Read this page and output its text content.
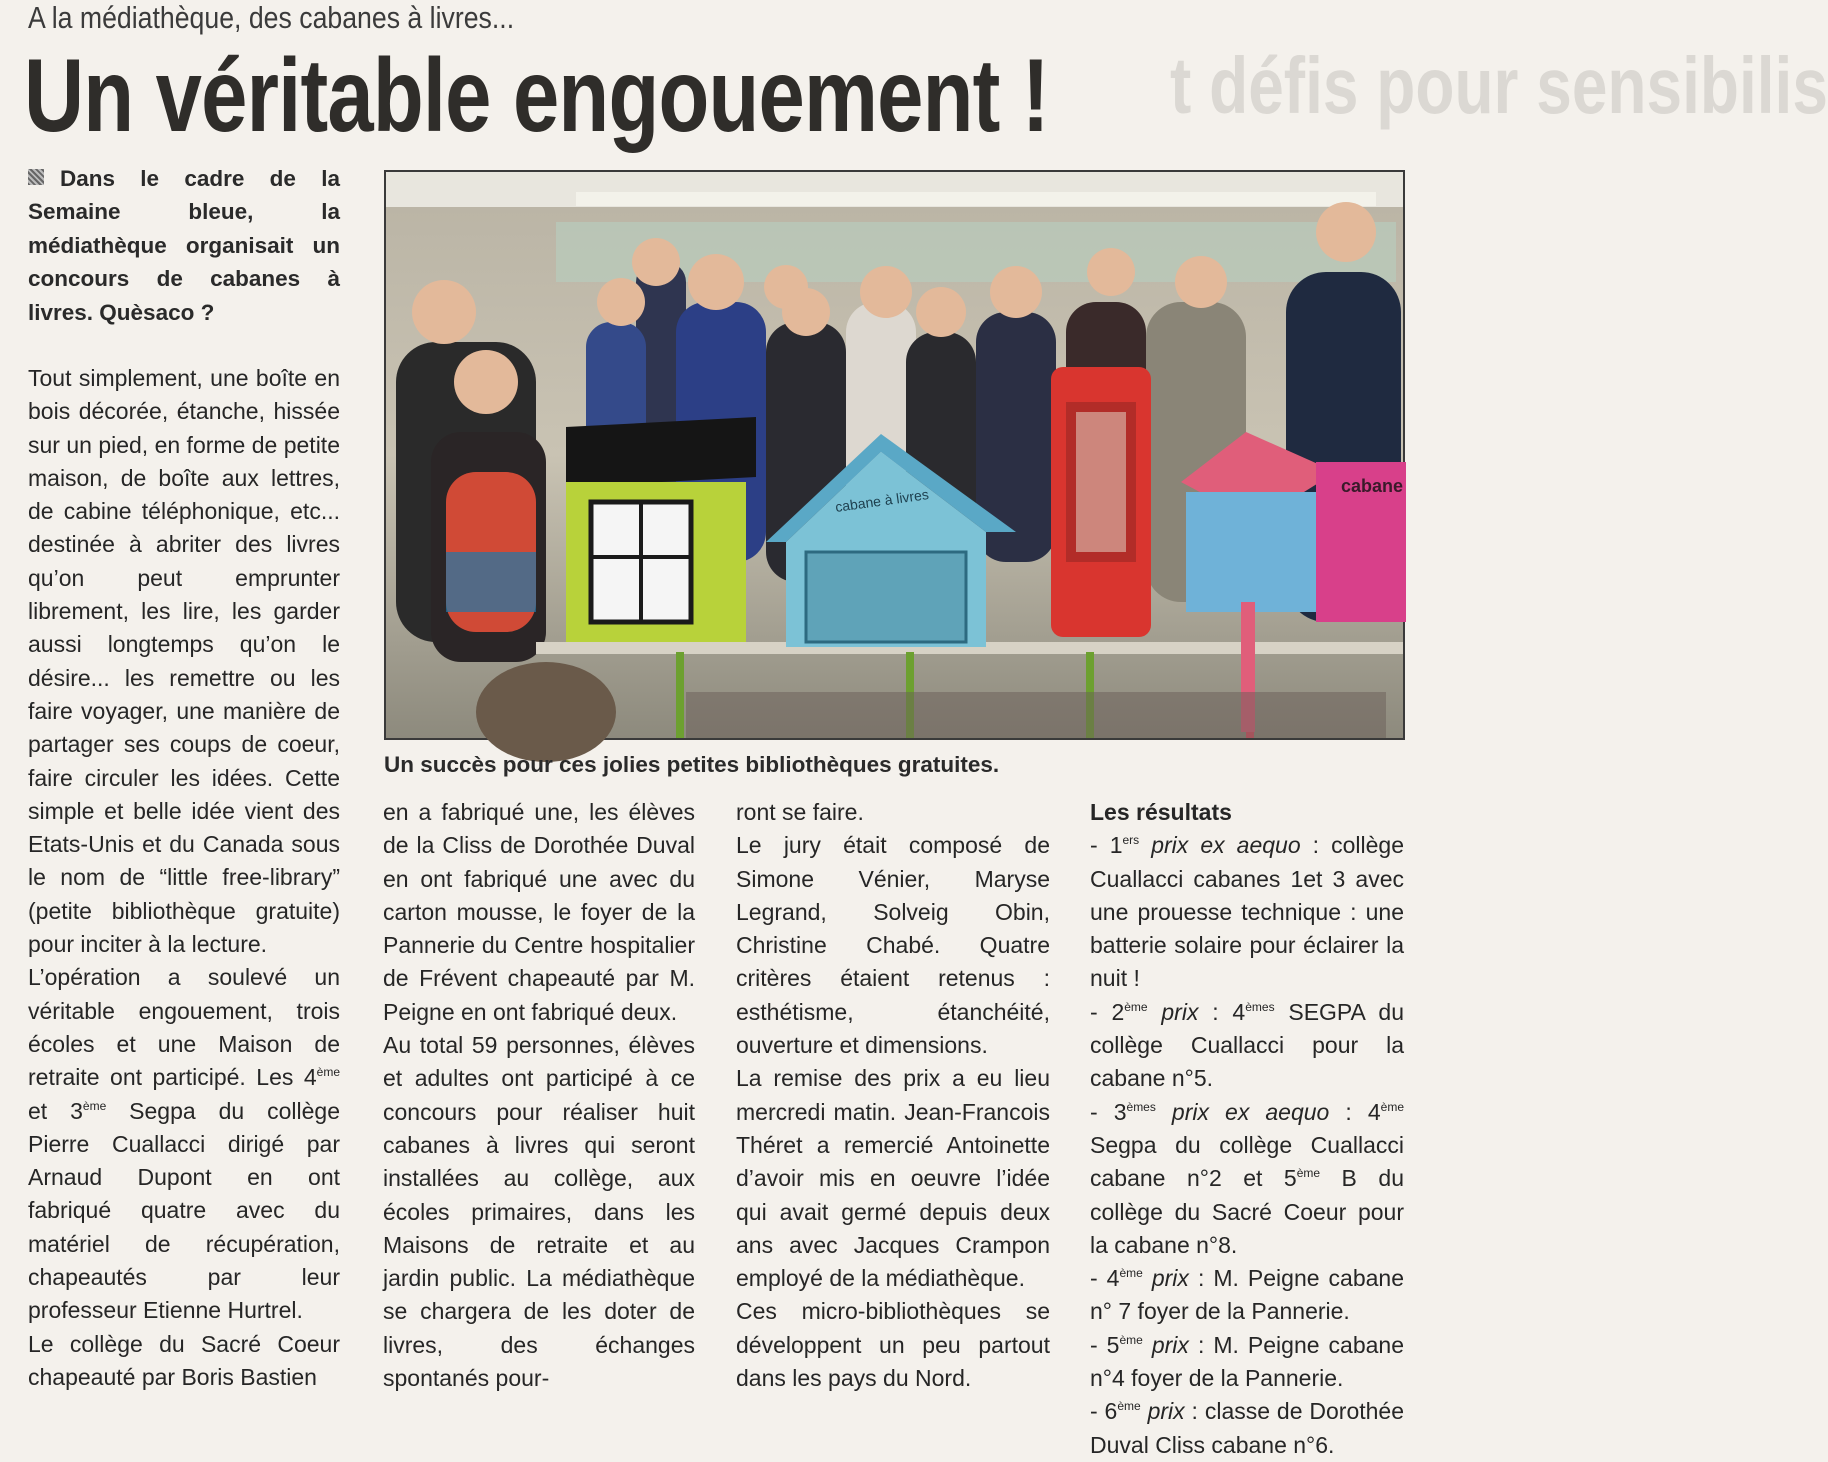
A la médiathèque, des cabanes à livres...
Un véritable engouement ! t défis pour sensibilis
Dans le cadre de la Semaine bleue, la médiathèque organisait un concours de cabanes à livres. Quèsaco ?
cabane à livres
cabane
Un succès pour ces jolies petites bibliothèques gratuites.

Tout simplement, une boîte en bois décorée, étanche, hissée sur un pied, en forme de petite maison, de boîte aux lettres, de cabine téléphonique, etc... destinée à abriter des livres qu’on peut emprunter librement, les lire, les garder aussi longtemps qu’on le désire... les remettre ou les faire voyager, une manière de partager ses coups de coeur, faire circuler les idées. Cette simple et belle idée vient des Etats-Unis et du Canada sous le nom de “little free-library” (petite bibliothèque gratuite) pour inciter à la lecture.

L’opération a soulevé un véritable engouement, trois écoles et une Maison de retraite ont participé. Les 4ème et 3ème Segpa du collège Pierre Cuallacci dirigé par Arnaud Dupont en ont fabriqué quatre avec du matériel de récupération, chapeautés par leur professeur Etienne Hurtrel.

Le collège du Sacré Coeur chapeauté par Boris Bastien

en a fabriqué une, les élèves de la Cliss de Dorothée Duval en ont fabriqué une avec du carton mousse, le foyer de la Pannerie du Centre hospitalier de Frévent chapeauté par M. Peigne en ont fabriqué deux.

Au total 59 personnes, élèves et adultes ont participé à ce concours pour réaliser huit cabanes à livres qui seront installées au collège, aux écoles primaires, dans les Maisons de retraite et au jardin public. La médiathèque se chargera de les doter de livres, des échanges spontanés pour-

ront se faire.

Le jury était composé de Simone Vénier, Maryse Legrand, Solveig Obin, Christine Chabé. Quatre critères étaient retenus : esthétisme, étanchéité, ouverture et dimensions.

La remise des prix a eu lieu mercredi matin. Jean-Francois Théret a remercié Antoinette d’avoir mis en oeuvre l’idée qui avait germé depuis deux ans avec Jacques Crampon employé de la médiathèque.

Ces micro-bibliothèques se développent un peu partout dans les pays du Nord.

Les résultats

- 1ers prix ex aequo : collège Cuallacci cabanes 1et 3 avec une prouesse technique : une batterie solaire pour éclairer la nuit !

- 2ème prix : 4èmes SEGPA du collège Cuallacci pour la cabane n°5.

- 3èmes prix ex aequo : 4ème Segpa du collège Cuallacci cabane n°2 et 5ème B du collège du Sacré Coeur pour la cabane n°8.

- 4ème prix : M. Peigne cabane n° 7 foyer de la Pannerie.

- 5ème prix : M. Peigne cabane n°4 foyer de la Pannerie.

- 6ème prix : classe de Dorothée Duval Cliss cabane n°6.
